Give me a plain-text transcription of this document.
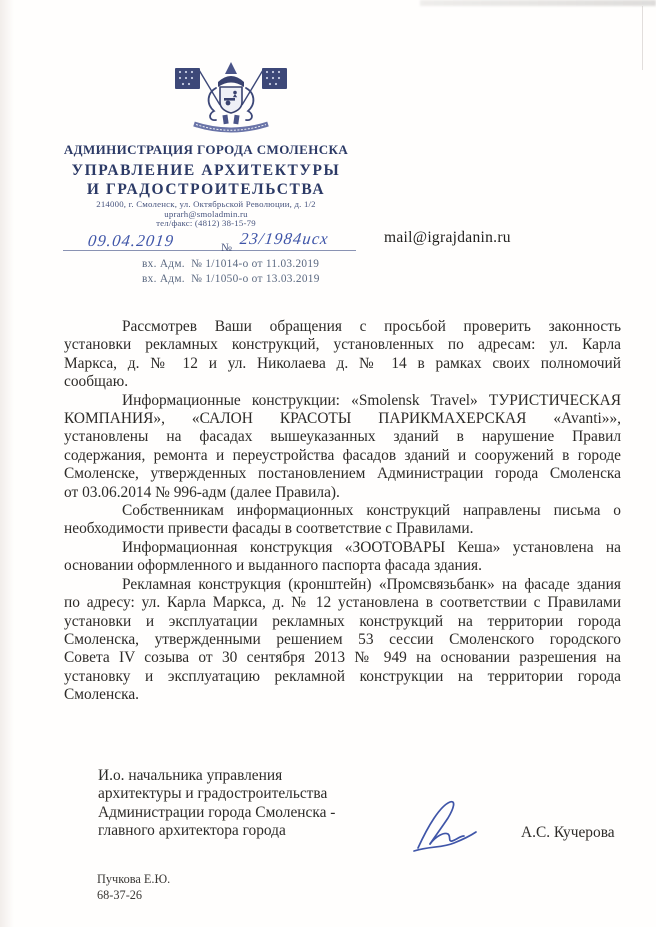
АДМИНИСТРАЦИЯ ГОРОДА СМОЛЕНСКА
УПРАВЛЕНИЕ АРХИТЕКТУРЫ
И ГРАДОСТРОИТЕЛЬСТВА
214000, г. Смоленск, ул. Октябрьской Революции, д. 1/2
uprarh@smoladmin.ru
тел/факс: (4812) 38-15-79
09.04.2019	№ 23/1984исх	mail@igrajdanin.ru
вх. Адм.  № 1/1014-о от 11.03.2019
вх. Адм.  № 1/1050-о от 13.03.2019
Рассмотрев Ваши обращения с просьбой проверить законность
установки рекламных конструкций, установленных по адресам: ул. Карла
Маркса, д. № 12 и ул. Николаева д. № 14 в рамках своих полномочий
сообщаю.
Информационные конструкции: «Smolensk Travel» ТУРИСТИЧЕСКАЯ
КОМПАНИЯ», «САЛОН КРАСОТЫ ПАРИКМАХЕРСКАЯ «Avanti»»,
установлены на фасадах вышеуказанных зданий в нарушение Правил
содержания, ремонта и переустройства фасадов зданий и сооружений в городе
Смоленске, утвержденных постановлением Администрации города Смоленска
от 03.06.2014 № 996-адм (далее Правила).
Собственникам информационных конструкций направлены письма о
необходимости привести фасады в соответствие с Правилами.
Информационная конструкция «ЗООТОВАРЫ Кеша» установлена на
основании оформленного и выданного паспорта фасада здания.
Рекламная конструкция (кронштейн) «Промсвязьбанк» на фасаде здания
по адресу: ул. Карла Маркса, д. № 12 установлена в соответствии с Правилами
установки и эксплуатации рекламных конструкций на территории города
Смоленска, утвержденными решением 53 сессии Смоленского городского
Совета IV созыва от 30 сентября 2013 № 949 на основании разрешения на
установку и эксплуатацию рекламной конструкции на территории города
Смоленска.
И.о. начальника управления
архитектуры и градостроительства
Администрации города Смоленска -
главного архитектора города	А.С. Кучерова
Пучкова Е.Ю.
68-37-26
